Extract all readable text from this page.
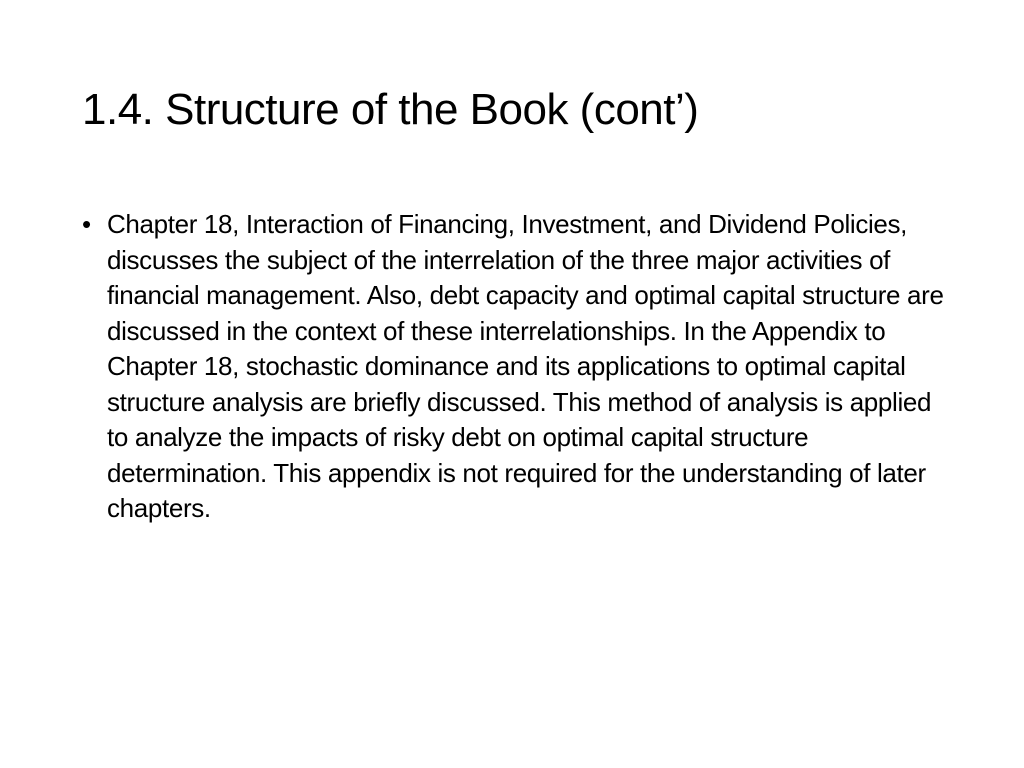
1.4. Structure of the Book (cont’)
• Chapter 18, Interaction of Financing, Investment, and Dividend Policies, discusses the subject of the interrelation of the three major activities of financial management. Also, debt capacity and optimal capital structure are discussed in the context of these interrelationships. In the Appendix to Chapter 18, stochastic dominance and its applications to optimal capital structure analysis are briefly discussed. This method of analysis is applied to analyze the impacts of risky debt on optimal capital structure determination. This appendix is not required for the understanding of later chapters.
